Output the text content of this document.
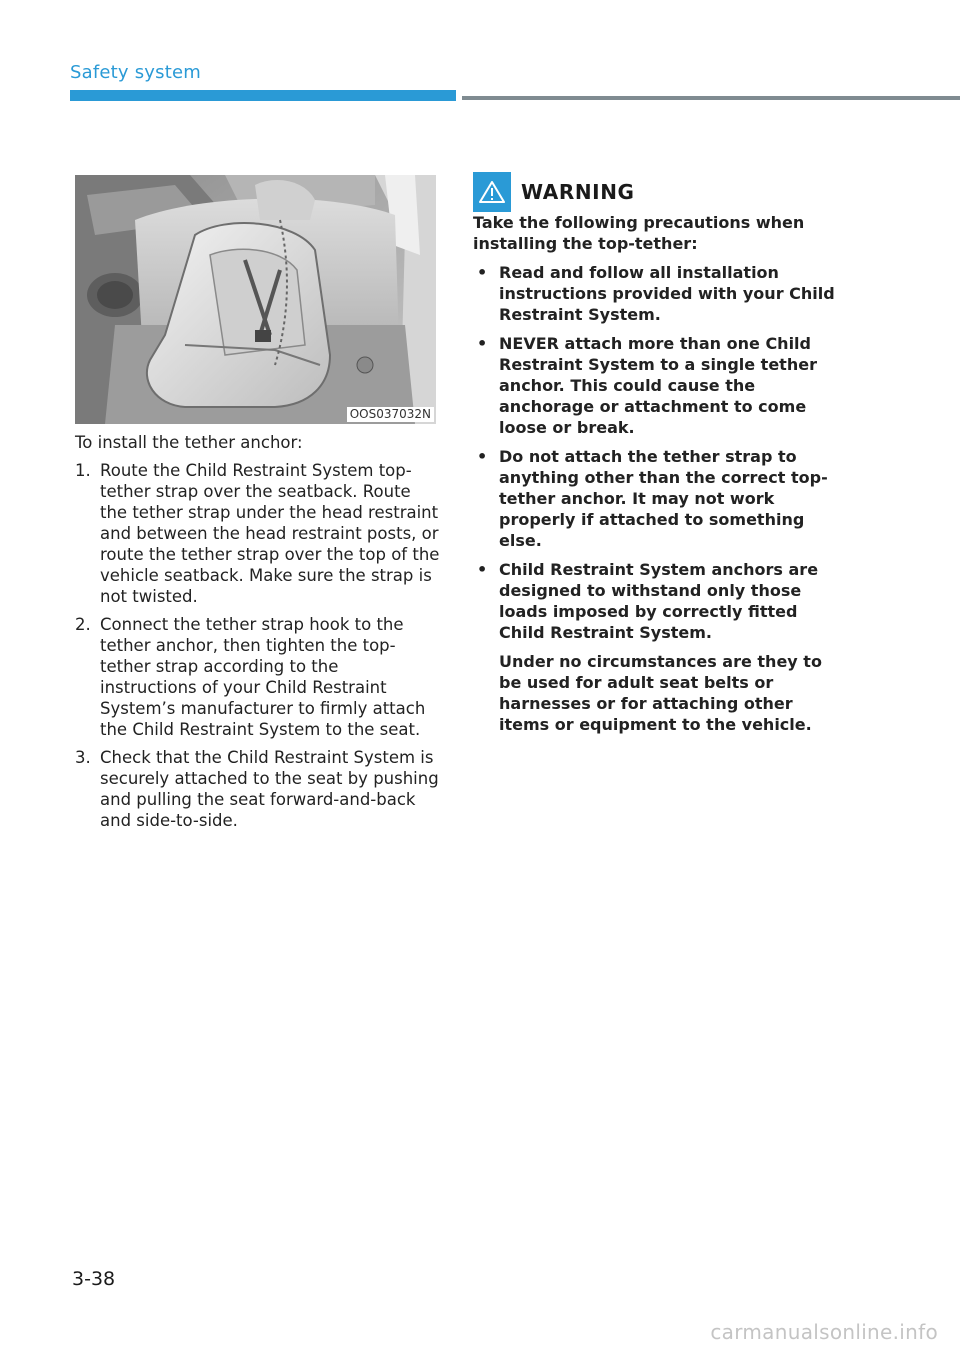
Safety system
OOS037032N

To install the tether anchor:

1. Route the Child Restraint System top-tether strap over the seatback. Route the tether strap under the head restraint and between the head restraint posts, or route the tether strap over the top of the vehicle seatback. Make sure the strap is not twisted.
2. Connect the tether strap hook to the tether anchor, then tighten the top-tether strap according to the instructions of your Child Restraint System’s manufacturer to firmly attach the Child Restraint System to the seat.
3. Check that the Child Restraint System is securely attached to the seat by pushing and pulling the seat forward-and-back and side-to-side.
WARNING

Take the following precautions when installing the top-tether:

• Read and follow all installation instructions provided with your Child Restraint System.
• NEVER attach more than one Child Restraint System to a single tether anchor. This could cause the anchorage or attachment to come loose or break.
• Do not attach the tether strap to anything other than the correct top-tether anchor. It may not work properly if attached to something else.
• Child Restraint System anchors are designed to withstand only those loads imposed by correctly fitted Child Restraint System.

Under no circumstances are they to be used for adult seat belts or harnesses or for attaching other items or equipment to the vehicle.

3-38
carmanualsonline.info
